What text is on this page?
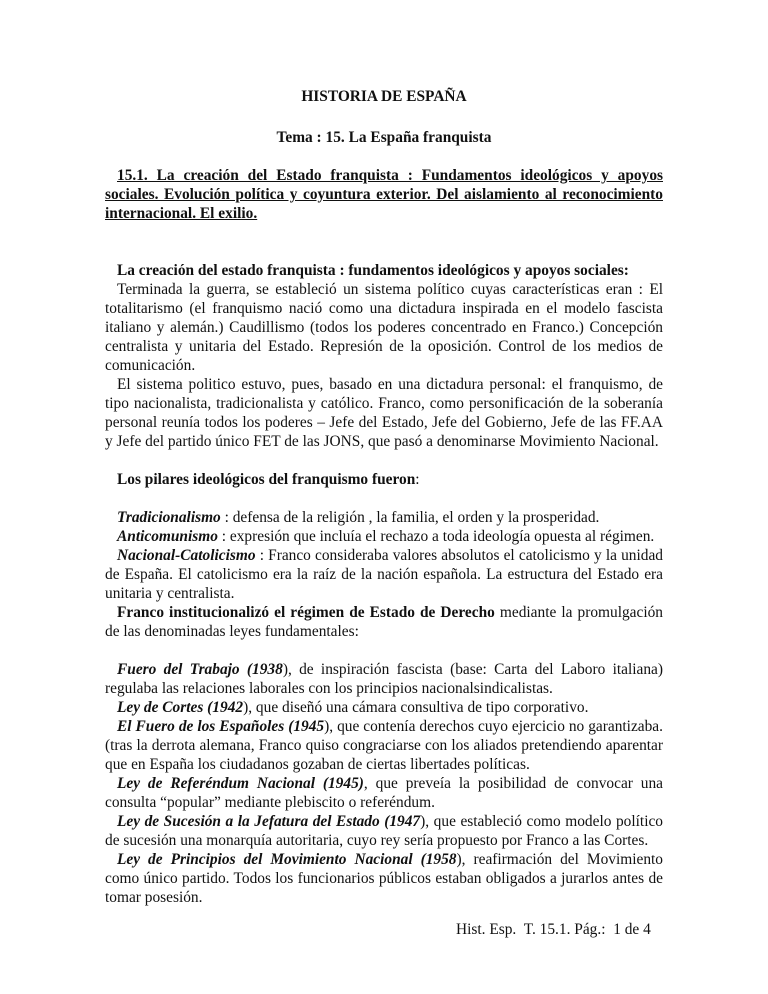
HISTORIA DE ESPAÑA

Tema : 15. La España franquista

15.1. La creación del Estado franquista : Fundamentos ideológicos y apoyos sociales. Evolución política y coyuntura exterior. Del aislamiento al reconocimiento internacional. El exilio.

La creación del estado franquista : fundamentos ideológicos y apoyos sociales:

Terminada la guerra, se estableció un sistema político cuyas características eran : El totalitarismo (el franquismo nació como una dictadura inspirada en el modelo fascista italiano y alemán.) Caudillismo (todos los poderes concentrado en Franco.) Concepción centralista y unitaria del Estado. Represión de la oposición. Control de los medios de comunicación.

El sistema politico estuvo, pues, basado en una dictadura personal: el franquismo, de tipo nacionalista, tradicionalista y católico. Franco, como personificación de la soberanía personal reunía todos los poderes – Jefe del Estado, Jefe del Gobierno, Jefe de las FF.AA y Jefe del partido único FET de las JONS, que pasó a denominarse Movimiento Nacional.

Los pilares ideológicos del franquismo fueron:

Tradicionalismo : defensa de la religión , la familia, el orden y la prosperidad.

Anticomunismo : expresión que incluía el rechazo a toda ideología opuesta al régimen.

Nacional-Catolicismo : Franco consideraba valores absolutos el catolicismo y la unidad de España. El catolicismo era la raíz de la nación española. La estructura del Estado era unitaria y centralista.

Franco institucionalizó el régimen de Estado de Derecho mediante la promulgación de las denominadas leyes fundamentales:

Fuero del Trabajo (1938), de inspiración fascista (base: Carta del Laboro italiana) regulaba las relaciones laborales con los principios nacionalsindicalistas.

Ley de Cortes (1942), que diseñó una cámara consultiva de tipo corporativo.

El Fuero de los Españoles (1945), que contenía derechos cuyo ejercicio no garantizaba.(tras la derrota alemana, Franco quiso congraciarse con los aliados pretendiendo aparentar que en España los ciudadanos gozaban de ciertas libertades políticas.

Ley de Referéndum Nacional (1945), que preveía la posibilidad de convocar una consulta “popular” mediante plebiscito o referéndum.

Ley de Sucesión a la Jefatura del Estado (1947), que estableció como modelo político de sucesión una monarquía autoritaria, cuyo rey sería propuesto por Franco a las Cortes.

Ley de Principios del Movimiento Nacional (1958), reafirmación del Movimiento como único partido. Todos los funcionarios públicos estaban obligados a jurarlos antes de tomar posesión.

Hist. Esp.  T. 15.1. Pág.:  1 de 4
